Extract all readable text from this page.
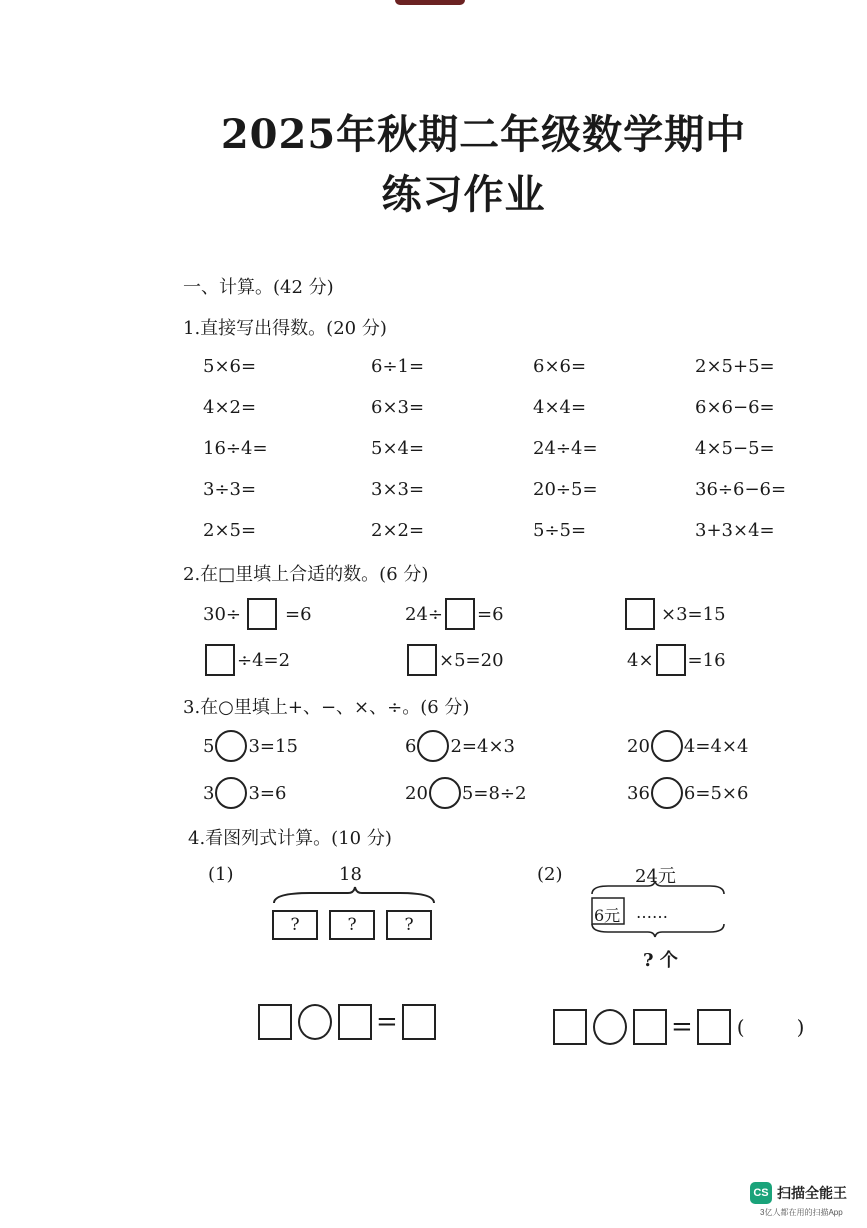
2025年秋期二年级数学期中
练习作业
一、计算。(42 分)
1.直接写出得数。(20 分)
5×6=	6÷1=	6×6=	2×5+5=
4×2=	6×3=	4×4=	6×6−6=
16÷4=	5×4=	24÷4=	4×5−5=
3÷3=	3×3=	20÷5=	36÷6−6=
2×5=	2×2=	5÷5=	3+3×4=
2.在□里填上合适的数。(6 分)
30÷ =6	24÷ =6	×3=15
÷4=2	×5=20	4× =16
3.在○里填上+、−、×、÷。(6 分)
5 3=15	6 2=4×3	20 4=4×4
3 3=6	20 5=8÷2	36 6=5×6
4.看图列式计算。(10 分)
(1)	18
?	?	?
(2)	24元
6元 ……
? 个
=	= (	)
CS 扫描全能王
3亿人都在用的扫描App
